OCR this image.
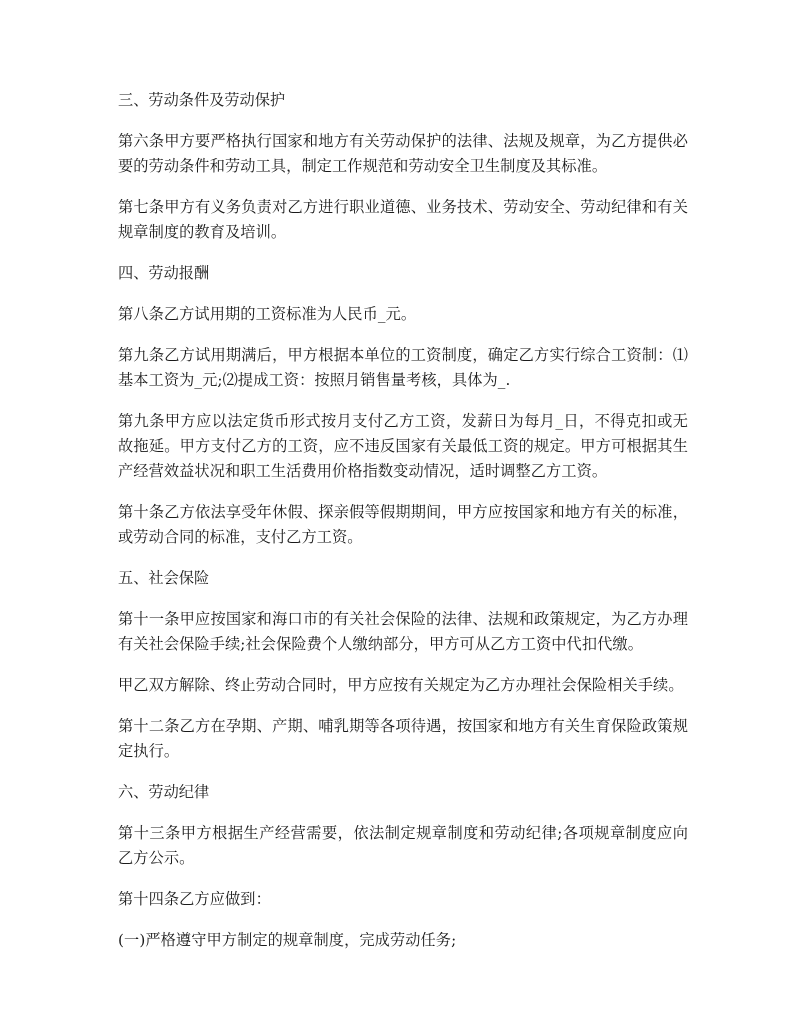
三、劳动条件及劳动保护

第六条甲方要严格执行国家和地方有关劳动保护的法律、法规及规章，为乙方提供必要的劳动条件和劳动工具，制定工作规范和劳动安全卫生制度及其标准。

第七条甲方有义务负责对乙方进行职业道德、业务技术、劳动安全、劳动纪律和有关规章制度的教育及培训。

四、劳动报酬

第八条乙方试用期的工资标准为人民币_元。

第九条乙方试用期满后，甲方根据本单位的工资制度，确定乙方实行综合工资制：⑴基本工资为_元;⑵提成工资：按照月销售量考核，具体为_.

第九条甲方应以法定货币形式按月支付乙方工资，发薪日为每月_日，不得克扣或无故拖延。甲方支付乙方的工资，应不违反国家有关最低工资的规定。甲方可根据其生产经营效益状况和职工生活费用价格指数变动情况，适时调整乙方工资。

第十条乙方依法享受年休假、探亲假等假期期间，甲方应按国家和地方有关的标准，或劳动合同的标准，支付乙方工资。

五、社会保险

第十一条甲应按国家和海口市的有关社会保险的法律、法规和政策规定，为乙方办理有关社会保险手续;社会保险费个人缴纳部分，甲方可从乙方工资中代扣代缴。

甲乙双方解除、终止劳动合同时，甲方应按有关规定为乙方办理社会保险相关手续。

第十二条乙方在孕期、产期、哺乳期等各项待遇，按国家和地方有关生育保险政策规定执行。

六、劳动纪律

第十三条甲方根据生产经营需要，依法制定规章制度和劳动纪律;各项规章制度应向乙方公示。

第十四条乙方应做到：

(一)严格遵守甲方制定的规章制度，完成劳动任务;
